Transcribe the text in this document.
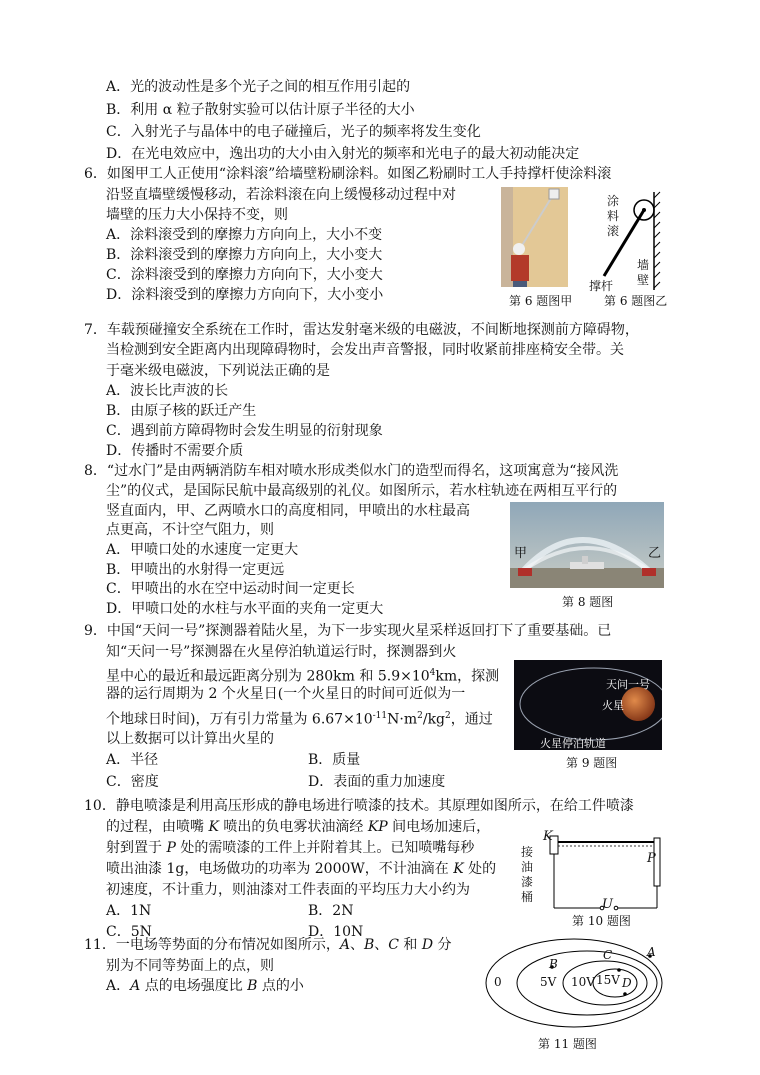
A．光的波动性是多个光子之间的相互作用引起的
B．利用 α 粒子散射实验可以估计原子半径的大小
C．入射光子与晶体中的电子碰撞后，光子的频率将发生变化
D．在光电效应中，逸出功的大小由入射光的频率和光电子的最大初动能决定
6．如图甲工人正使用“涂料滚”给墙壁粉刷涂料。如图乙粉刷时工人手持撑杆使涂料滚
沿竖直墙壁缓慢移动，若涂料滚在向上缓慢移动过程中对
墙壁的压力大小保持不变，则
A．涂料滚受到的摩擦力方向向上，大小不变
B．涂料滚受到的摩擦力方向向上，大小变大
C．涂料滚受到的摩擦力方向向下，大小变大
D．涂料滚受到的摩擦力方向向下，大小变小	第 6 题图甲
涂料滚
撑杆
墙壁
第 6 题图乙
7．车载预碰撞安全系统在工作时，雷达发射毫米级的电磁波，不间断地探测前方障碍物，
当检测到安全距离内出现障碍物时，会发出声音警报，同时收紧前排座椅安全带。关
于毫米级电磁波，下列说法正确的是
A．波长比声波的长
B．由原子核的跃迁产生
C．遇到前方障碍物时会发生明显的衍射现象
D．传播时不需要介质
8．“过水门”是由两辆消防车相对喷水形成类似水门的造型而得名，这项寓意为“接风洗
尘”的仪式，是国际民航中最高级别的礼仪。如图所示，若水柱轨迹在两相互平行的
竖直面内，甲、乙两喷水口的高度相同，甲喷出的水柱最高
点更高，不计空气阻力，则
A．甲喷口处的水速度一定更大
B．甲喷出的水射得一定更远
C．甲喷出的水在空中运动时间一定更长
D．甲喷口处的水柱与水平面的夹角一定更大
甲	乙
第 8 题图
9．中国“天问一号”探测器着陆火星，为下一步实现火星采样返回打下了重要基础。已
知“天问一号”探测器在火星停泊轨道运行时，探测器到火
星中心的最近和最远距离分别为 280km 和 $5.9\times 10^4km$，探测
器的运行周期为 2 个火星日(一个火星日的时间可近似为一
个地球日时间)，万有引力常量为 $6.67\times 10^{-11}N\cdot m^2/kg^2$，通过
以上数据可以计算出火星的
A．半径	B．质量
C．密度	D．表面的重力加速度
天问一号
火星
火星停泊轨道
第 9 题图
10．静电喷漆是利用高压形成的静电场进行喷漆的技术。其原理如图所示，在给工件喷漆
的过程，由喷嘴 K 喷出的负电雾状油滴经 KP 间电场加速后，
射到置于 P 处的需喷漆的工件上并附着其上。已知喷嘴每秒
喷出油漆 1g，电场做功的功率为 2000W，不计油滴在 K 处的
初速度，不计重力，则油漆对工件表面的平均压力大小约为
A．1N	B．2N
C．5N	D．10N
K
P
U
接油漆桶
第 10 题图
11．一电场等势面的分布情况如图所示，A、B、C 和 D 分
别为不同等势面上的点，则
A．A 点的电场强度比 B 点的小	0	5V 10V 15V
A
B
C
D
第 11 题图
